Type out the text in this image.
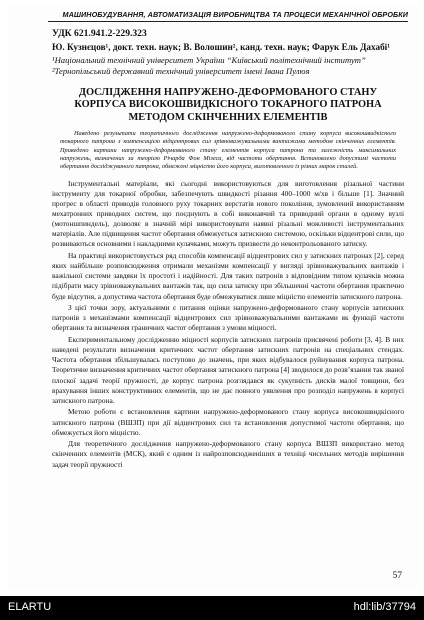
МАШИНОБУДУВАННЯ, АВТОМАТИЗАЦІЯ ВИРОБНИЦТВА ТА ПРОЦЕСИ МЕХАНІЧНОЇ ОБРОБКИ

УДК 621.941.2-229.323

Ю. Кузнєцов¹, докт. техн. наук; В. Волошин², канд. техн. наук; Фарук Ель Дахабі¹

¹Національний технічний університет України “Київський політехнічний інститут”

²Тернопільський державний технічний університет імені Івана Пулюя

ДОСЛІДЖЕННЯ НАПРУЖЕНО-ДЕФОРМОВАНОГО СТАНУ КОРПУСА ВИСОКОШВИДКІСНОГО ТОКАРНОГО ПАТРОНА МЕТОДОМ СКІНЧЕННИХ ЕЛЕМЕНТІВ

Наведено результати теоретичного дослідження напружено-деформованого стану корпуса високошвидкісного токарного патрона з компенсацією відцентрових сил зрівноважувальними вантажами методом скінченних елементів. Приведено картини напружено-деформованого стану елементів корпуса патрона та залежність максимальних напружень, визначених за теорією Річарда Фон Мізеса, від частоти обертання. Встановлено допустимі частоти обертання досліджуваного патрона, обмежені міцністю його корпуса, виготовленого із різних марок сталей.

Інструментальні матеріали, які сьогодні використовуються для виготовлення різальної частини інструменту для токарної обробки, забезпечують швидкості різання 400–1000 м/хв і більше [1]. Значний прогрес в області приводів головного руху токарних верстатів нового покоління, зумовлений використанням мехатронних приводних систем, що поєднують в собі виконавчий та приводний органи в одному вузлі (мотоншпиндель), дозволяє в значній мірі використовувати наявні різальні можливості інструментальних матеріалів. Але підвищення частот обертання обмежується затискною системою, оскільки відцентрові сили, що розвиваються основними і накладними кулачками, можуть призвести до неконтрольованого затиску.

На практиці використовується ряд способів компенсації відцентрових сил у затискних патронах [2], серед яких найбільше розповсюдження отримали механізми компенсації у вигляді зрівноважувальних вантажів і важільної системи завдяки їх простоті і надійності. Для таких патронів з відповідним типом кулачків можна підібрати масу зрівноважувальних вантажів так, що сила затиску при збільшенні частоти обертання практично буде відсутня, а допустима частота обертання буде обмежуватися лише міцністю елементів затискного патрона.

З цієї точки зору, актуальними є питання оцінки напружено-деформованого стану корпусів затискних патронів з механізмами компенсації відцентрових сил зрівноважувальними вантажами як функції частоти обертання та визначення граничних частот обертання з умови міцності.

Експериментальному дослідженню міцності корпусів затискних патронів присвячені роботи [3, 4]. В них наведені результати визначення критичних частот обертання затискних патронів на спеціальних стендах. Частота обертання збільшувалась поступово до значень, при яких відбувалося руйнування корпуса патрона. Теоретичне визначення критичних частот обертання затискного патрона [4] зводилося до розв’язання так званої плоскої задачі теорії пружності, де корпус патрона розглядався як сукупність дисків малої товщини, без врахування інших конструктивних елементів, що не дає повного уявлення про розподіл напружень в корпусі затискного патрона.

Метою роботи є встановлення картини напружено-деформованого стану корпуса високошвидкісного затискного патрона (ВШЗП) при дії відцентрових сил та встановлення допустимої частоти обертання, що обмежується його міцністю.

Для теоретичного дослідження напружено-деформованого стану корпуса ВШЗП використано метод скінченних елементів (МСК), який є одним із найрозповсюдженіших в техніці чисельних методів вирішення задач теорії пружності

57
ELARTU	hdl:lib/37794
